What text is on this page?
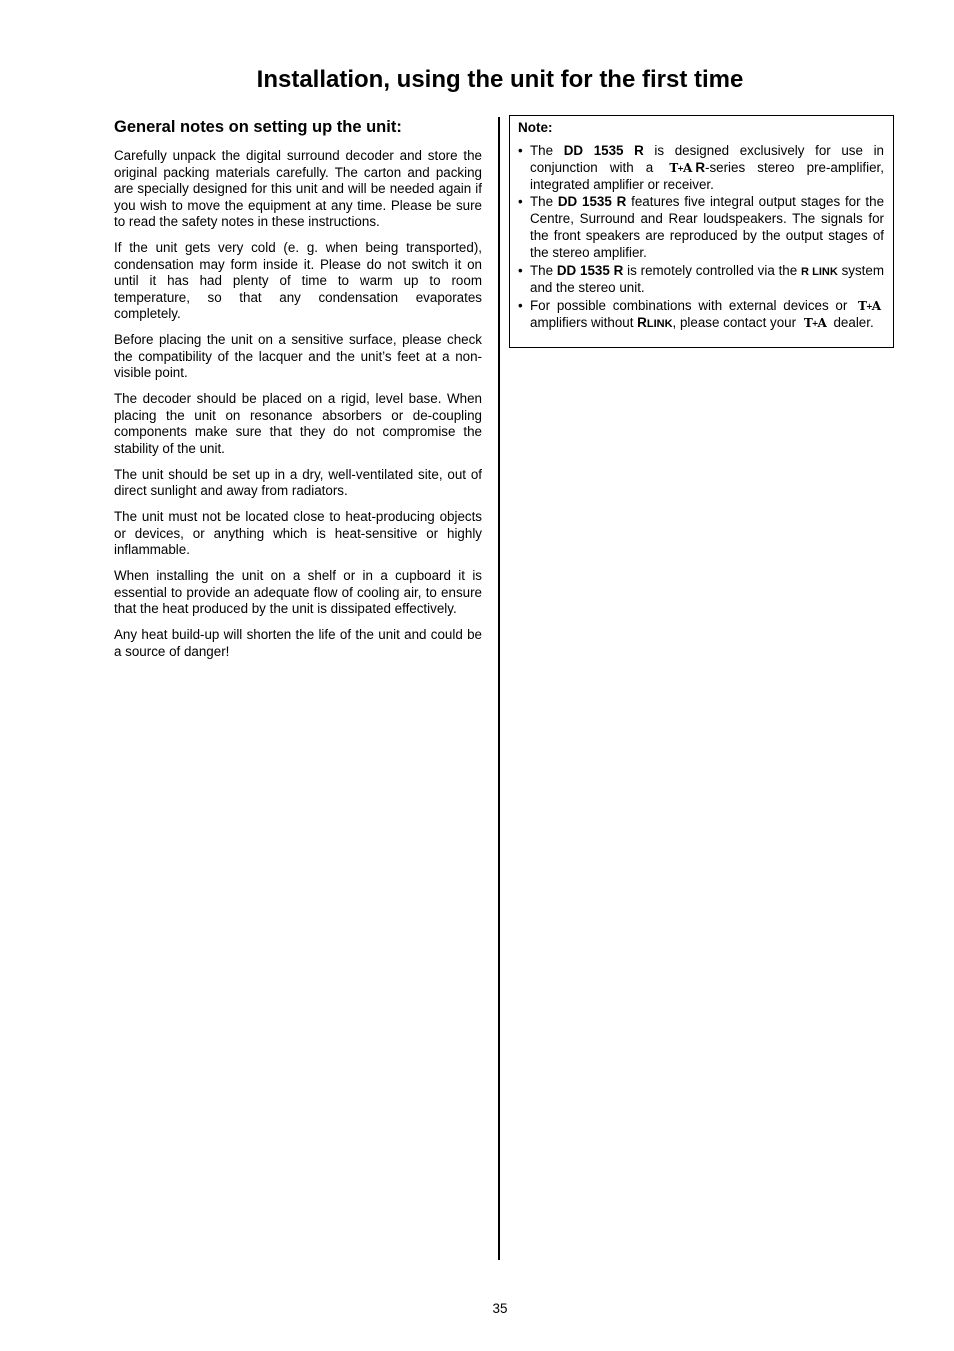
Installation, using the unit for the first time
General notes on setting up the unit:

Carefully unpack the digital surround decoder and store the original packing materials carefully. The carton and packing are specially designed for this unit and will be needed again if you wish to move the equipment at any time. Please be sure to read the safety notes in these instructions.

If the unit gets very cold (e. g. when being transported), condensation may form inside it. Please do not switch it on until it has had plenty of time to warm up to room temperature, so that any condensation evaporates completely.

Before placing the unit on a sensitive surface, please check the compatibility of the lacquer and the unit’s feet at a non-visible point.

The decoder should be placed on a rigid, level base. When placing the unit on resonance absorbers or de-coupling components make sure that they do not compromise the stability of the unit.

The unit should be set up in a dry, well-ventilated site, out of direct sunlight and away from radiators.

The unit must not be located close to heat-producing objects or devices, or anything which is heat-sensitive or highly inflammable.

When installing the unit on a shelf or in a cupboard it is essential to provide an adequate flow of cooling air, to ensure that the heat produced by the unit is dissipated effectively.

Any heat build-up will shorten the life of the unit and could be a source of danger!

Note:
• The DD 1535 R is designed exclusively for use in conjunction with a T+A R-series stereo pre-amplifier, integrated amplifier or receiver.
• The DD 1535 R features five integral output stages for the Centre, Surround and Rear loudspeakers. The signals for the front speakers are reproduced by the output stages of the stereo amplifier.
• The DD 1535 R is remotely controlled via the R LINK system and the stereo unit.
• For possible combinations with external devices or T+A amplifiers without RLINK, please contact your T+A dealer.
35
